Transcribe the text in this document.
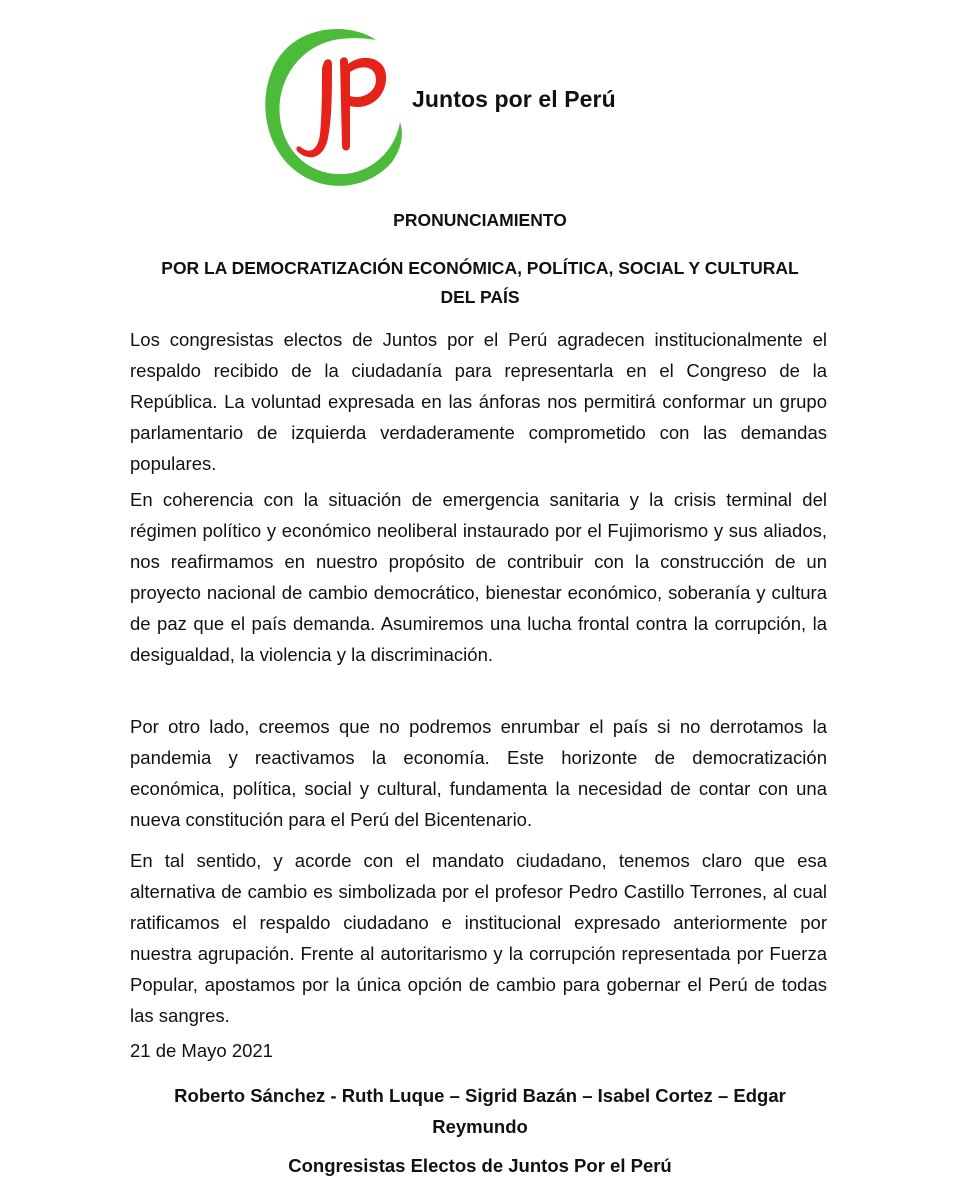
Juntos por el Perú
PRONUNCIAMIENTO
POR LA DEMOCRATIZACIÓN ECONÓMICA, POLÍTICA, SOCIAL Y CULTURAL
DEL PAÍS

Los congresistas electos de Juntos por el Perú agradecen institucionalmente el respaldo recibido de la ciudadanía para representarla en el Congreso de la República. La voluntad expresada en las ánforas nos permitirá conformar un grupo parlamentario de izquierda verdaderamente comprometido con las demandas populares.

En coherencia con la situación de emergencia sanitaria y la crisis terminal del régimen político y económico neoliberal instaurado por el Fujimorismo y sus aliados, nos reafirmamos en nuestro propósito de contribuir con la construcción de un proyecto nacional de cambio democrático, bienestar económico, soberanía y cultura de paz que el país demanda. Asumiremos una lucha frontal contra la corrupción, la desigualdad, la violencia y la discriminación.

Por otro lado, creemos que no podremos enrumbar el país si no derrotamos la pandemia y reactivamos la economía. Este horizonte de democratización económica, política, social y cultural, fundamenta la necesidad de contar con una nueva constitución para el Perú del Bicentenario.

En tal sentido, y acorde con el mandato ciudadano, tenemos claro que esa alternativa de cambio es simbolizada por el profesor Pedro Castillo Terrones, al cual ratificamos el respaldo ciudadano e institucional expresado anteriormente por nuestra agrupación. Frente al autoritarismo y la corrupción representada por Fuerza Popular, apostamos por la única opción de cambio para gobernar el Perú de todas las sangres.

21 de Mayo 2021
Roberto Sánchez - Ruth Luque – Sigrid Bazán – Isabel Cortez – Edgar
Reymundo
Congresistas Electos de Juntos Por el Perú
